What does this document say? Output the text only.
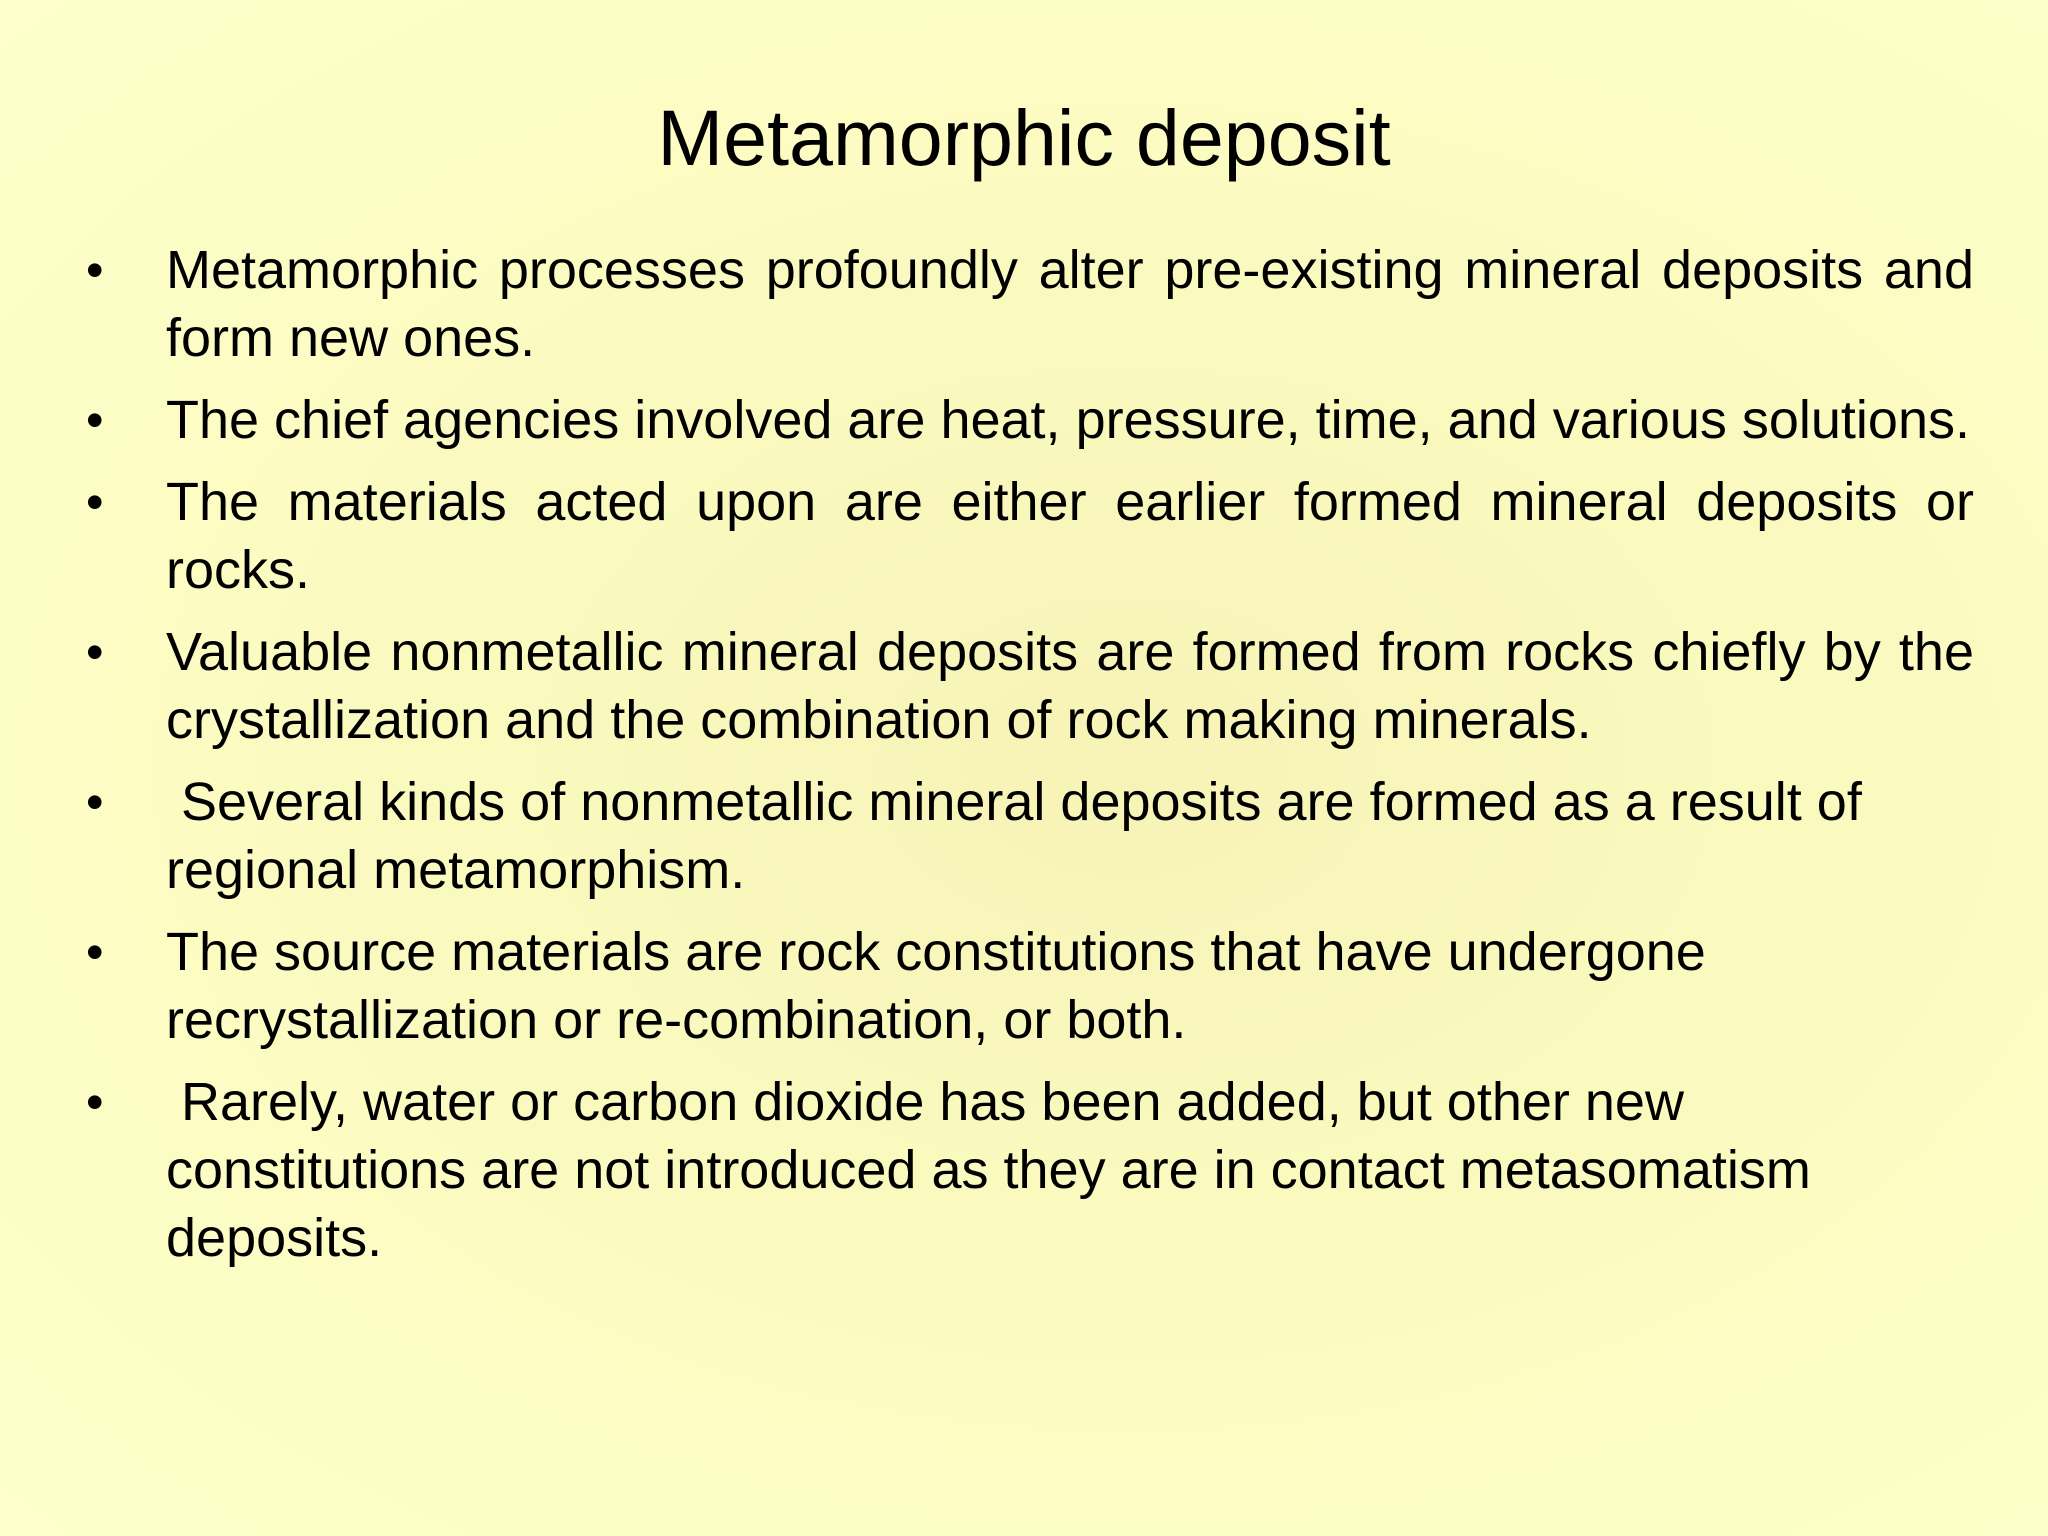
Metamorphic deposit
•	Metamorphic processes profoundly alter pre-existing mineral deposits and form new ones.
•	The chief agencies involved are heat, pressure, time, and various solutions.
•	The materials acted upon are either earlier formed mineral deposits or rocks.
•	Valuable nonmetallic mineral deposits are formed from rocks chiefly by the crystallization and the combination of rock making minerals.
•	Several kinds of nonmetallic mineral deposits are formed as a result of regional metamorphism.
•	The source materials are rock constitutions that have undergone recrystallization or re-combination, or both.
•	Rarely, water or carbon dioxide has been added, but other new constitutions are not introduced as they are in contact metasomatism deposits.
